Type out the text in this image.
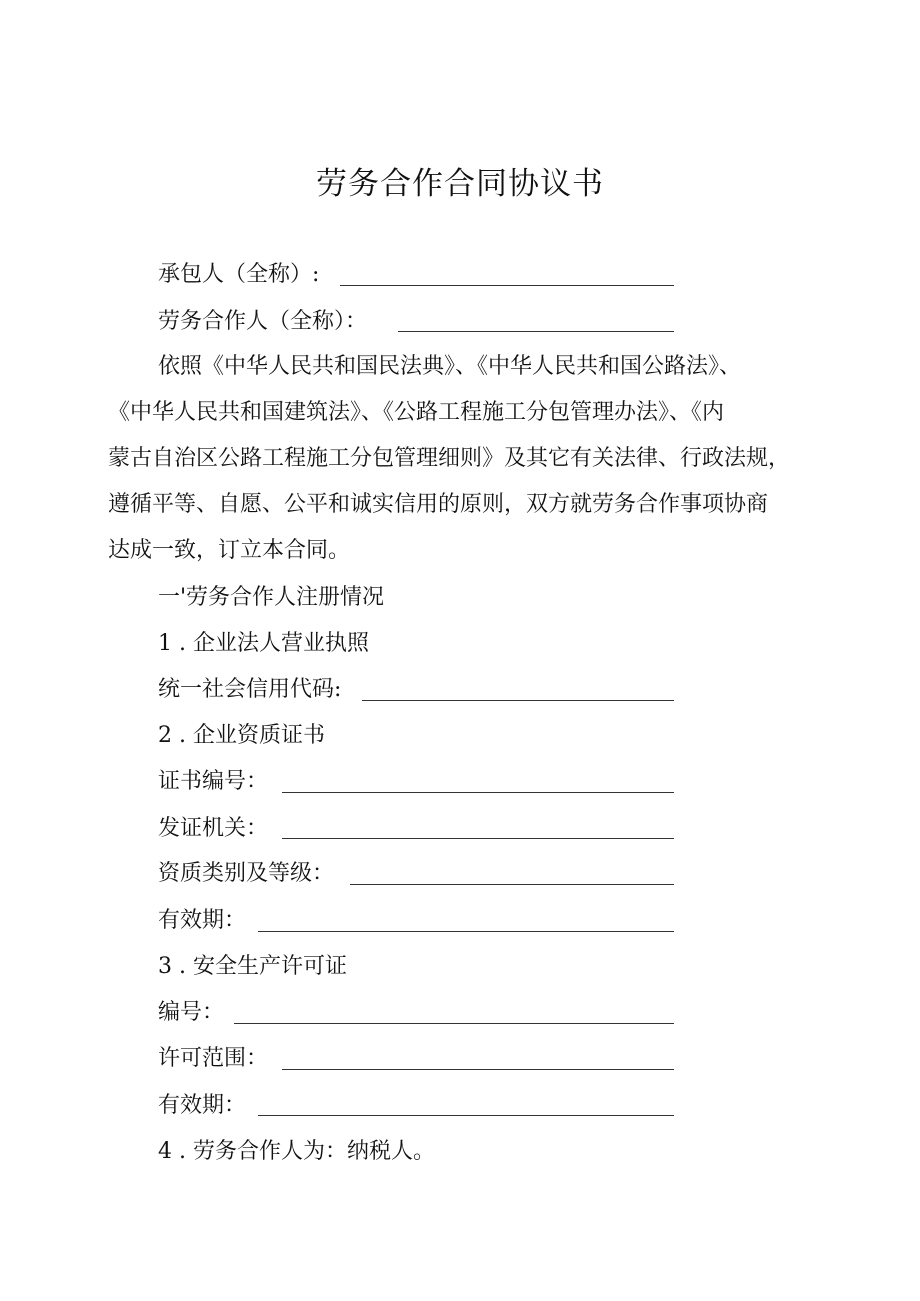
劳务合作合同协议书
承包人（全称）:
劳务合作人（全称）：
依照《中华人民共和国民法典》、《中华人民共和国公路法》、
《中华人民共和国建筑法》、《公路工程施工分包管理办法》、《内
蒙古自治区公路工程施工分包管理细则》及其它有关法律、行政法规，
遵循平等、自愿、公平和诚实信用的原则，双方就劳务合作事项协商
达成一致，订立本合同。
一'劳务合作人注册情况
1 . 企业法人营业执照
统一社会信用代码:
2 . 企业资质证书
证书编号：
发证机关：
资质类别及等级：
有效期：
3 . 安全生产许可证
编号：
许可范围：
有效期：
4 . 劳务合作人为：纳税人。
